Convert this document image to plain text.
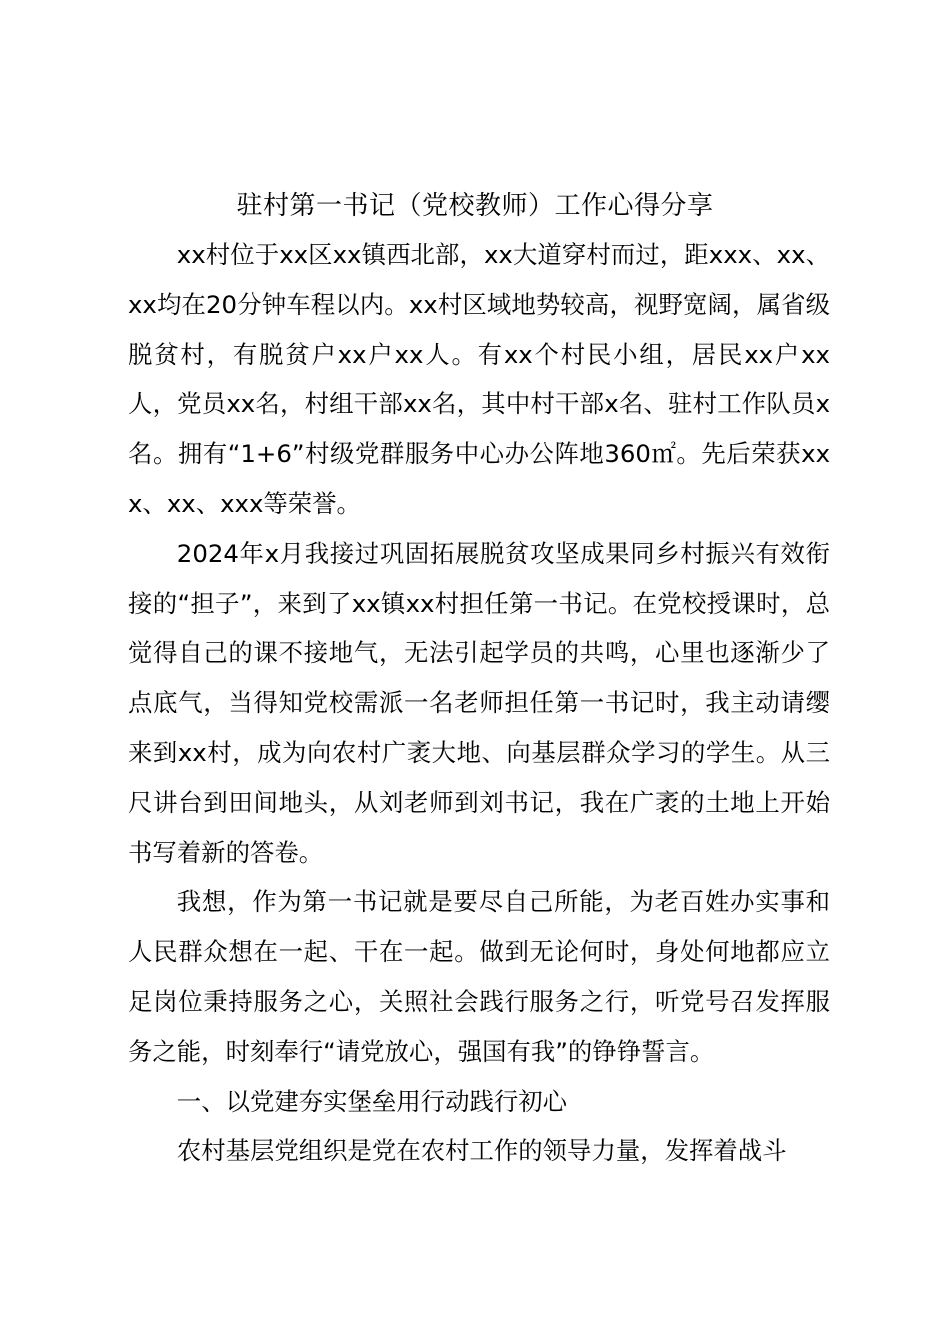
驻村第一书记（党校教师）工作心得分享

xx村位于xx区xx镇西北部，xx大道穿村而过，距xxx、xx、xx均在20分钟车程以内。xx村区域地势较高，视野宽阔，属省级脱贫村，有脱贫户xx户xx人。有xx个村民小组，居民xx户xx人，党员xx名，村组干部xx名，其中村干部x名、驻村工作队员x名。拥有“1+6”村级党群服务中心办公阵地360㎡。先后荣获xxx、xx、xxx等荣誉。

2024年x月我接过巩固拓展脱贫攻坚成果同乡村振兴有效衔接的“担子”，来到了xx镇xx村担任第一书记。在党校授课时，总觉得自己的课不接地气，无法引起学员的共鸣，心里也逐渐少了点底气，当得知党校需派一名老师担任第一书记时，我主动请缨来到xx村，成为向农村广袤大地、向基层群众学习的学生。从三尺讲台到田间地头，从刘老师到刘书记，我在广袤的土地上开始书写着新的答卷。

我想，作为第一书记就是要尽自己所能，为老百姓办实事和人民群众想在一起、干在一起。做到无论何时，身处何地都应立足岗位秉持服务之心，关照社会践行服务之行，听党号召发挥服务之能，时刻奉行“请党放心，强国有我”的铮铮誓言。

一、以党建夯实堡垒用行动践行初心

农村基层党组织是党在农村工作的领导力量，发挥着战斗
